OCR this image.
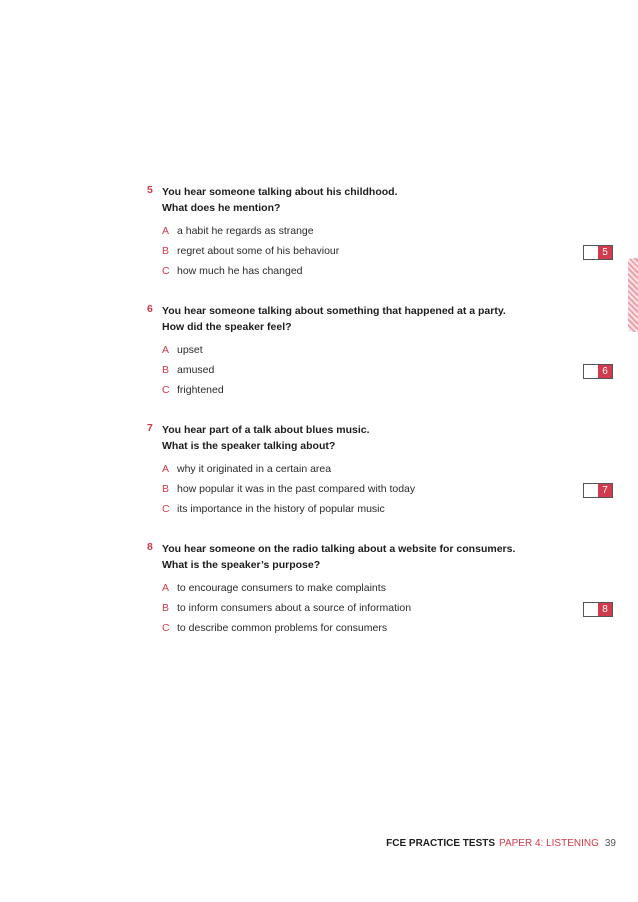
5 You hear someone talking about his childhood.
What does he mention?
A a habit he regards as strange
B regret about some of his behaviour	5
C how much he has changed
6 You hear someone talking about something that happened at a party.
How did the speaker feel?
A upset
B amused	6
C frightened
7 You hear part of a talk about blues music.
What is the speaker talking about?
A why it originated in a certain area
B how popular it was in the past compared with today	7
C its importance in the history of popular music
8 You hear someone on the radio talking about a website for consumers.
What is the speaker’s purpose?
A to encourage consumers to make complaints
B to inform consumers about a source of information	8
C to describe common problems for consumers
FCE PRACTICE TESTS PAPER 4: LISTENING 39
